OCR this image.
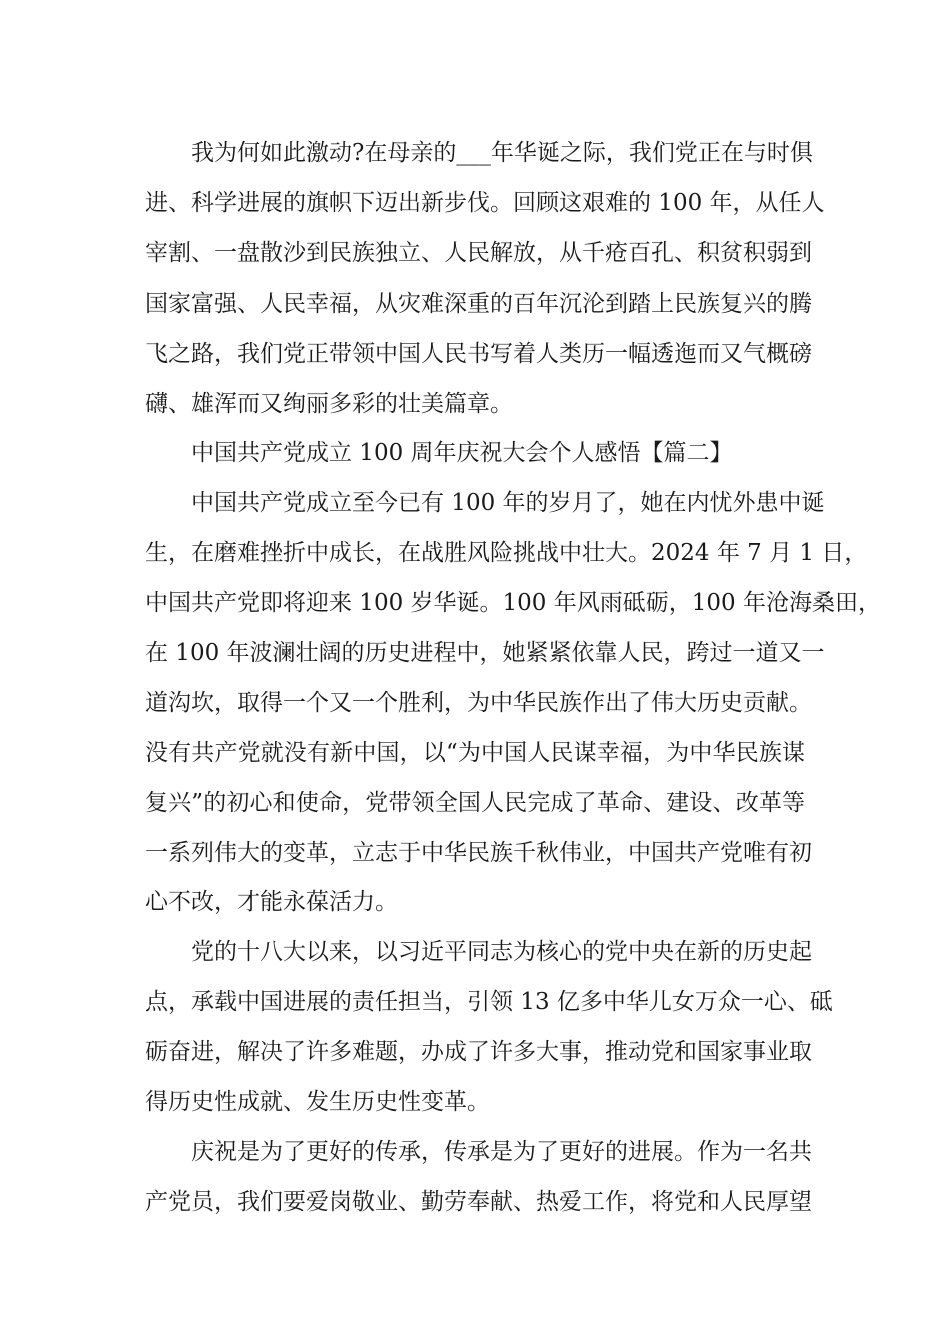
我为何如此激动?在母亲的___年华诞之际，我们党正在与时俱
进、科学进展的旗帜下迈出新步伐。回顾这艰难的 100 年，从任人
宰割、一盘散沙到民族独立、人民解放，从千疮百孔、积贫积弱到
国家富强、人民幸福，从灾难深重的百年沉沦到踏上民族复兴的腾
飞之路，我们党正带领中国人民书写着人类历一幅透迤而又气概磅
礴、雄浑而又绚丽多彩的壮美篇章。
中国共产党成立 100 周年庆祝大会个人感悟【篇二】
中国共产党成立至今已有 100 年的岁月了，她在内忧外患中诞
生，在磨难挫折中成长，在战胜风险挑战中壮大。2024 年 7 月 1 日，
中国共产党即将迎来 100 岁华诞。100 年风雨砥砺，100 年沧海桑田，
在 100 年波澜壮阔的历史进程中，她紧紧依靠人民，跨过一道又一
道沟坎，取得一个又一个胜利，为中华民族作出了伟大历史贡献。
没有共产党就没有新中国，以“为中国人民谋幸福，为中华民族谋
复兴”的初心和使命，党带领全国人民完成了革命、建设、改革等
一系列伟大的变革，立志于中华民族千秋伟业，中国共产党唯有初
心不改，才能永葆活力。
党的十八大以来，以习近平同志为核心的党中央在新的历史起
点，承载中国进展的责任担当，引领 13 亿多中华儿女万众一心、砥
砺奋进，解决了许多难题，办成了许多大事，推动党和国家事业取
得历史性成就、发生历史性变革。
庆祝是为了更好的传承，传承是为了更好的进展。作为一名共
产党员，我们要爱岗敬业、勤劳奉献、热爱工作，将党和人民厚望
